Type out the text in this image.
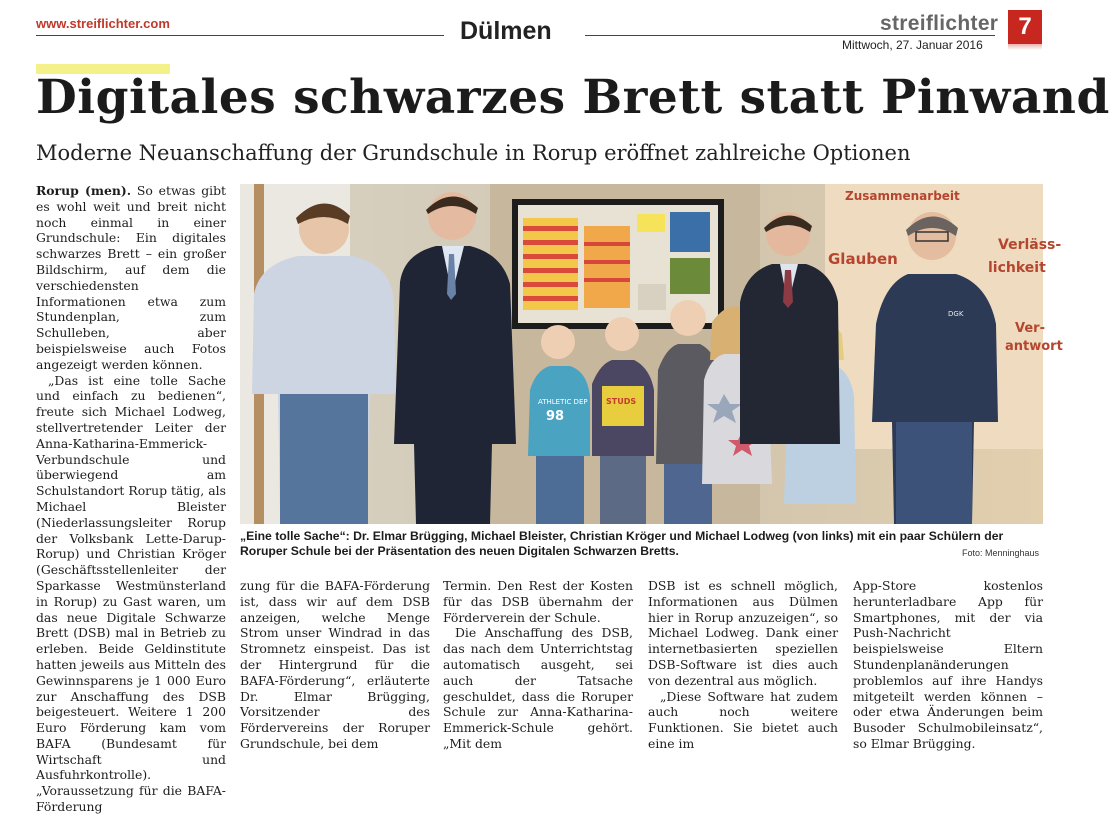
www.streiflichter.com	Dülmen	streiflichter
Mittwoch, 27. Januar 2016
7
Digitales schwarzes Brett statt Pinwand
Moderne Neuanschaffung der Grundschule in Rorup eröffnet zahlreiche Optionen

Rorup (men). So etwas gibt es wohl weit und breit nicht noch einmal in einer Grundschule: Ein digitales schwarzes Brett – ein großer Bildschirm, auf dem die verschiedensten Informationen etwa zum Stundenplan, zum Schulleben, aber beispielsweise auch Fotos angezeigt werden können.

„Das ist eine tolle Sache und einfach zu bedienen“, freute sich Michael Lodweg, stellvertretender Leiter der Anna-Katharina-Emmerick-Verbundschule und überwiegend am Schulstandort Rorup tätig, als Michael Bleister (Niederlassungsleiter Rorup der Volksbank Lette-Darup-Rorup) und Christian Kröger (Geschäftsstellenleiter der Sparkasse Westmünsterland in Rorup) zu Gast waren, um das neue Digitale Schwarze Brett (DSB) mal in Betrieb zu erleben. Beide Geldinstitute hatten jeweils aus Mitteln des Gewinnsparens je 1 000 Euro zur Anschaffung des DSB beigesteuert. Weitere 1 200 Euro Förderung kam vom BAFA (Bundesamt für Wirtschaft und Ausfuhrkontrolle). „Voraussetzung für die BAFA-Förderung

Zusammenarbeit
Glauben
Verläss-
lichkeit
Ver-
antwort
ATHLETIC DEP
98
STUDS
DGK
„Eine tolle Sache“: Dr. Elmar Brügging, Michael Bleister, Christian Kröger und Michael Lodweg (von links) mit ein paar Schülern der Roruper Schule bei der Präsentation des neuen Digitalen Schwarzen Bretts.	Foto: Menninghaus

zung für die BAFA-Förderung ist, dass wir auf dem DSB anzeigen, welche Menge Strom unser Windrad in das Stromnetz einspeist. Das ist der Hintergrund für die BAFA-Förderung“, erläuterte Dr. Elmar Brügging, Vorsitzender des Fördervereins der Roruper Grundschule, bei dem

Termin. Den Rest der Kosten für das DSB übernahm der Förderverein der Schule.

Die Anschaffung des DSB, das nach dem Unterrichtstag automatisch ausgeht, sei auch der Tatsache geschuldet, dass die Roruper Schule zur Anna-Katharina-Emmerick-Schule gehört. „Mit dem

DSB ist es schnell möglich, Informationen aus Dülmen hier in Rorup anzuzeigen“, so Michael Lodweg. Dank einer internetbasierten speziellen DSB-Software ist dies auch von dezentral aus möglich.

„Diese Software hat zudem auch noch weitere Funktionen. Sie bietet auch eine im

App-Store kostenlos herunterladbare App für Smartphones, mit der via Push-Nachricht beispielsweise Eltern Stundenplanänderungen problemlos auf ihre Handys mitgeteilt werden können – oder etwa Änderungen beim Busoder Schulmobileinsatz“, so Elmar Brügging.
